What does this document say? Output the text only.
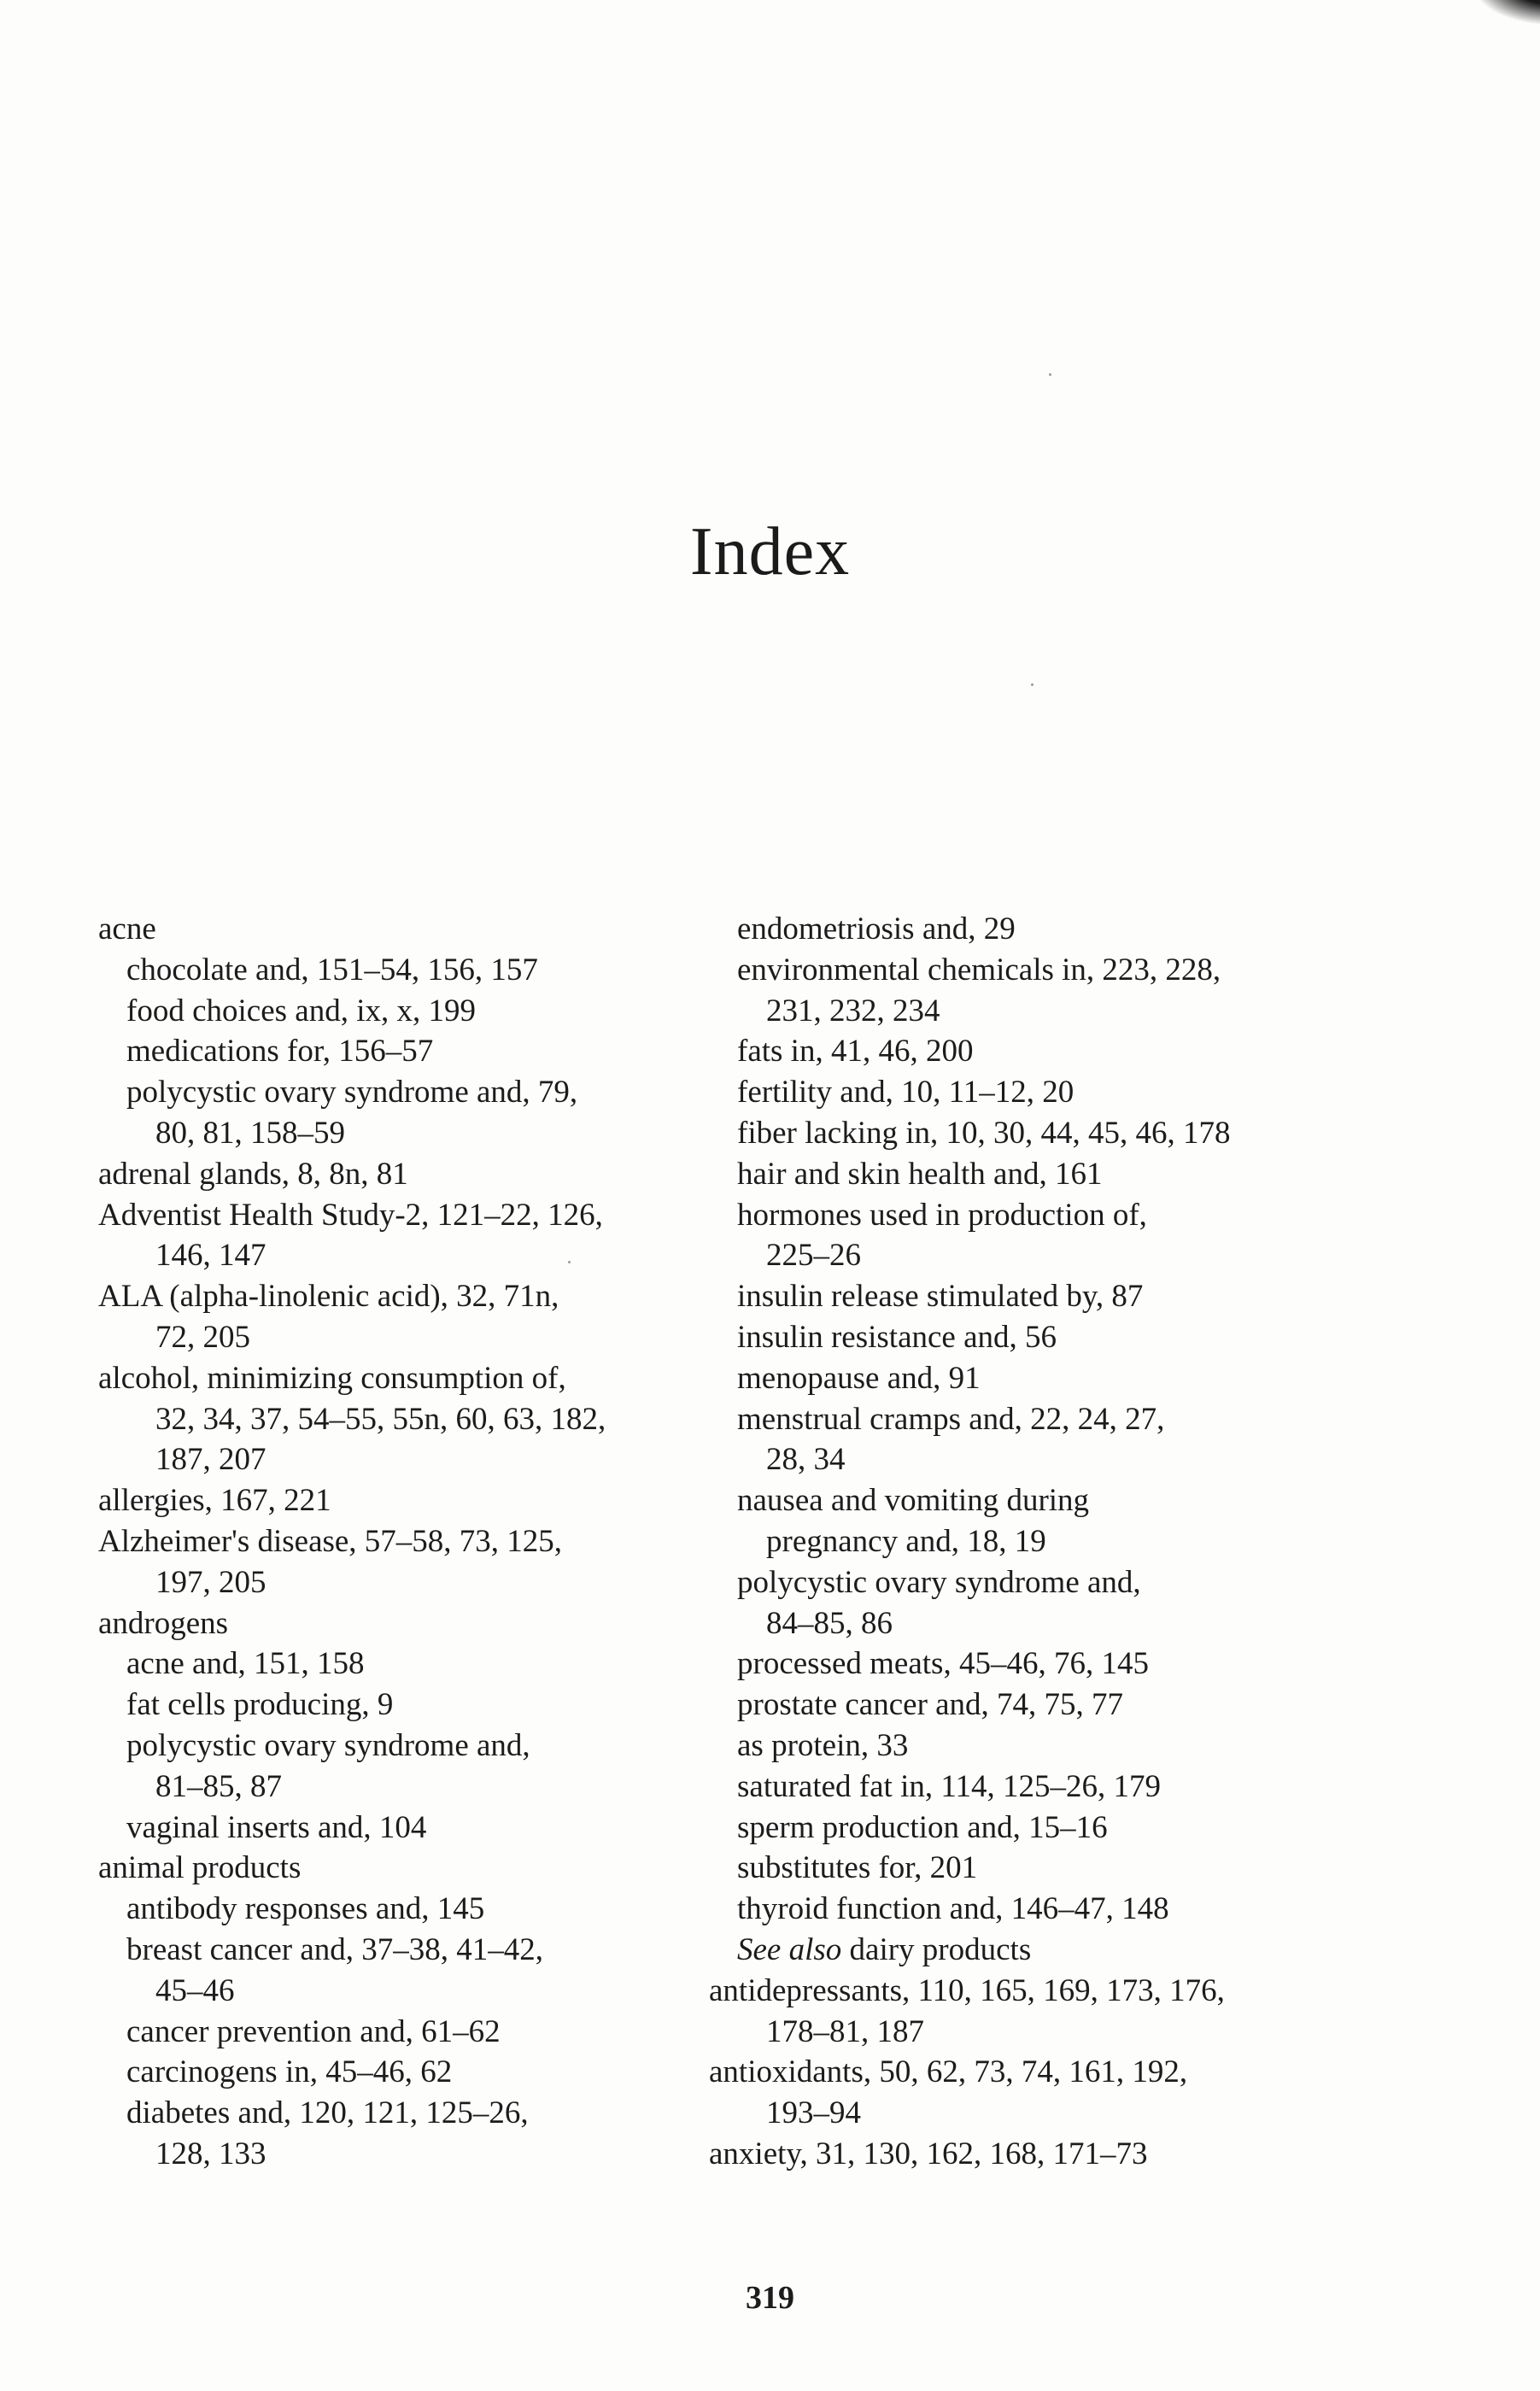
Index
acne
chocolate and, 151–54, 156, 157
food choices and, ix, x, 199
medications for, 156–57
polycystic ovary syndrome and, 79,
80, 81, 158–59
adrenal glands, 8, 8n, 81
Adventist Health Study-2, 121–22, 126,
146, 147
ALA (alpha-linolenic acid), 32, 71n,
72, 205
alcohol, minimizing consumption of,
32, 34, 37, 54–55, 55n, 60, 63, 182,
187, 207
allergies, 167, 221
Alzheimer's disease, 57–58, 73, 125,
197, 205
androgens
acne and, 151, 158
fat cells producing, 9
polycystic ovary syndrome and,
81–85, 87
vaginal inserts and, 104
animal products
antibody responses and, 145
breast cancer and, 37–38, 41–42,
45–46
cancer prevention and, 61–62
carcinogens in, 45–46, 62
diabetes and, 120, 121, 125–26,
128, 133
endometriosis and, 29
environmental chemicals in, 223, 228,
231, 232, 234
fats in, 41, 46, 200
fertility and, 10, 11–12, 20
fiber lacking in, 10, 30, 44, 45, 46, 178
hair and skin health and, 161
hormones used in production of,
225–26
insulin release stimulated by, 87
insulin resistance and, 56
menopause and, 91
menstrual cramps and, 22, 24, 27,
28, 34
nausea and vomiting during
pregnancy and, 18, 19
polycystic ovary syndrome and,
84–85, 86
processed meats, 45–46, 76, 145
prostate cancer and, 74, 75, 77
as protein, 33
saturated fat in, 114, 125–26, 179
sperm production and, 15–16
substitutes for, 201
thyroid function and, 146–47, 148
See also dairy products
antidepressants, 110, 165, 169, 173, 176,
178–81, 187
antioxidants, 50, 62, 73, 74, 161, 192,
193–94
anxiety, 31, 130, 162, 168, 171–73
319
